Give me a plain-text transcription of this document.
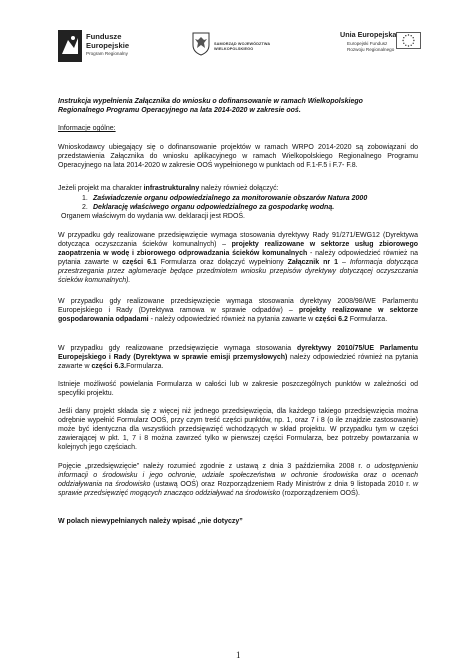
Fundusze
Europejskie
Program Regionalny
SAMORZĄD WOJEWÓDZTWA
WIELKOPOLSKIEGO
Unia Europejska
Europejski Fundusz
Rozwoju Regionalnego
Instrukcja wypełnienia Załącznika do wniosku o dofinansowanie w ramach Wielkopolskiego
Regionalnego Programu Operacyjnego na lata 2014-2020 w zakresie ooś.
Informacje ogólne:
Wnioskodawcy ubiegający się o dofinansowanie projektów w ramach WRPO 2014-2020 są zobowiązani do przedstawienia Załącznika do wniosku aplikacyjnego w ramach Wielkopolskiego Regionalnego Programu Operacyjnego na lata 2014-2020 w zakresie OOŚ wypełnionego w punktach od F.1-F.5 i F.7- F.8.
Jeżeli projekt ma charakter infrastrukturalny należy również dołączyć:
1. Zaświadczenie organu odpowiedzialnego za monitorowanie obszarów Natura 2000
2. Deklarację właściwego organu odpowiedzialnego za gospodarkę wodną.
Organem właściwym do wydania ww. deklaracji jest RDOŚ.
W przypadku gdy realizowane przedsięwzięcie wymaga stosowania dyrektywy Rady 91/271/EWG12 (Dyrektywa dotycząca oczyszczania ścieków komunalnych) – projekty realizowane w sektorze usług zbiorowego zaopatrzenia w wodę i zbiorowego odprowadzania ścieków komunalnych - należy odpowiedzieć również na pytania zawarte w części 6.1 Formularza oraz dołączyć wypełniony Załącznik nr 1 – Informacja dotycząca przestrzegania przez aglomeracje będące przedmiotem wniosku przepisów dyrektywy dotyczącej oczyszczania ścieków komunalnych).
W przypadku gdy realizowane przedsięwzięcie wymaga stosowania dyrektywy 2008/98/WE Parlamentu Europejskiego i Rady (Dyrektywa ramowa w sprawie odpadów) – projekty realizowane w sektorze gospodarowania odpadami - należy odpowiedzieć również na pytania zawarte w części 6.2 Formularza.
W przypadku gdy realizowane przedsięwzięcie wymaga stosowania dyrektywy 2010/75/UE Parlamentu Europejskiego i Rady (Dyrektywa w sprawie emisji przemysłowych) należy odpowiedzieć również na pytania zawarte w części 6.3.Formularza.
Istnieje możliwość powielania Formularza w całości lub w zakresie poszczególnych punktów w zależności od specyfiki projektu.
Jeśli dany projekt składa się z więcej niż jednego przedsięwzięcia, dla każdego takiego przedsięwzięcia można odrębnie wypełnić Formularz OOŚ, przy czym treść części punktów, np. 1, oraz 7 i 8 (o ile znajdzie zastosowanie) może być identyczna dla wszystkich przedsięwzięć wchodzących w skład projektu. W przypadku tym w części zawierającej w pkt. 1, 7 i 8 można zawrzeć tylko w pierwszej części Formularza, bez potrzeby powtarzania w kolejnych jego częściach.
Pojęcie „przedsięwzięcie” należy rozumieć zgodnie z ustawą z dnia 3 października 2008 r. o udostępnieniu informacji o środowisku i jego ochronie, udziale społeczeństwa w ochronie środowiska oraz o ocenach oddziaływania na środowisko (ustawą OOŚ) oraz Rozporządzeniem Rady Ministrów z dnia 9 listopada 2010 r. w sprawie przedsięwzięć mogących znacząco oddziaływać na środowisko (rozporządzeniem OOŚ).
W polach niewypełnianych należy wpisać „nie dotyczy”
1
